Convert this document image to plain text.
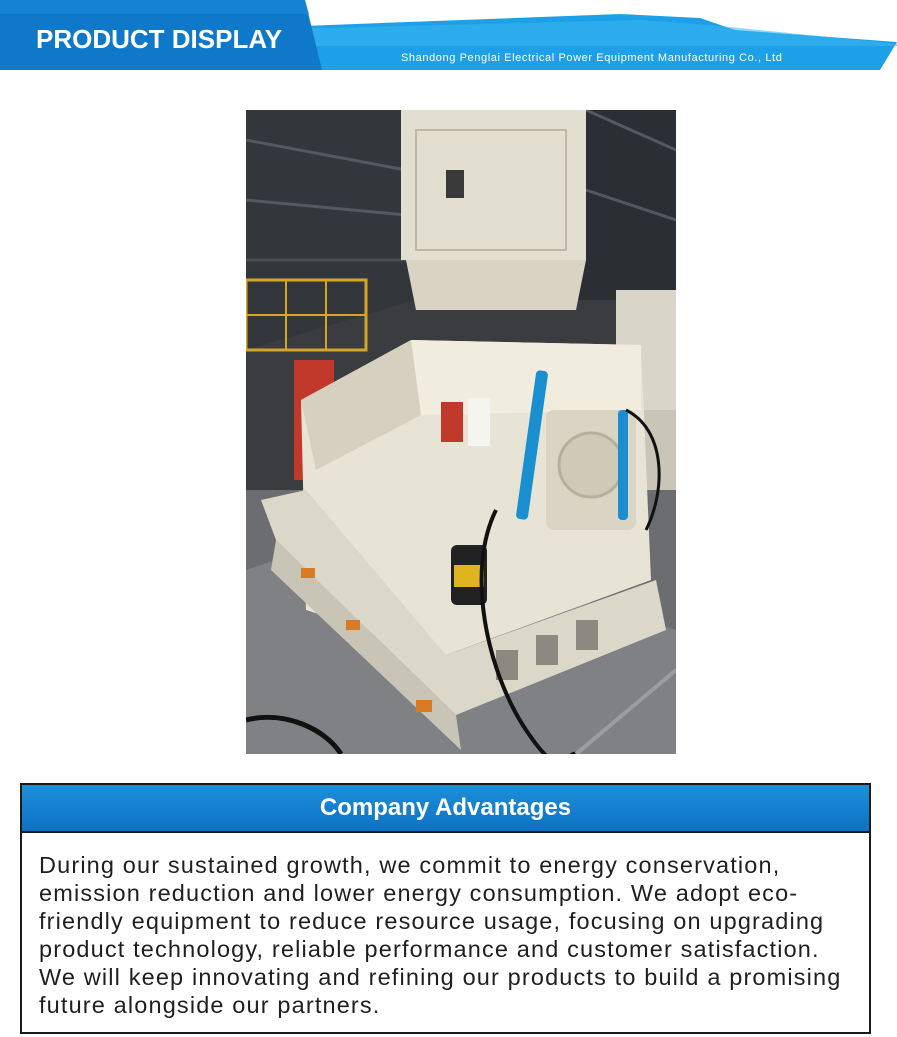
PRODUCT DISPLAY
Shandong Penglai Electrical Power Equipment Manufacturing Co., Ltd
Company Advantages

During our sustained growth, we commit to energy conservation, emission reduction and lower energy consumption. We adopt eco-friendly equipment to reduce resource usage, focusing on upgrading product technology, reliable performance and customer satisfaction. We will keep innovating and refining our products to build a promising future alongside our partners.
